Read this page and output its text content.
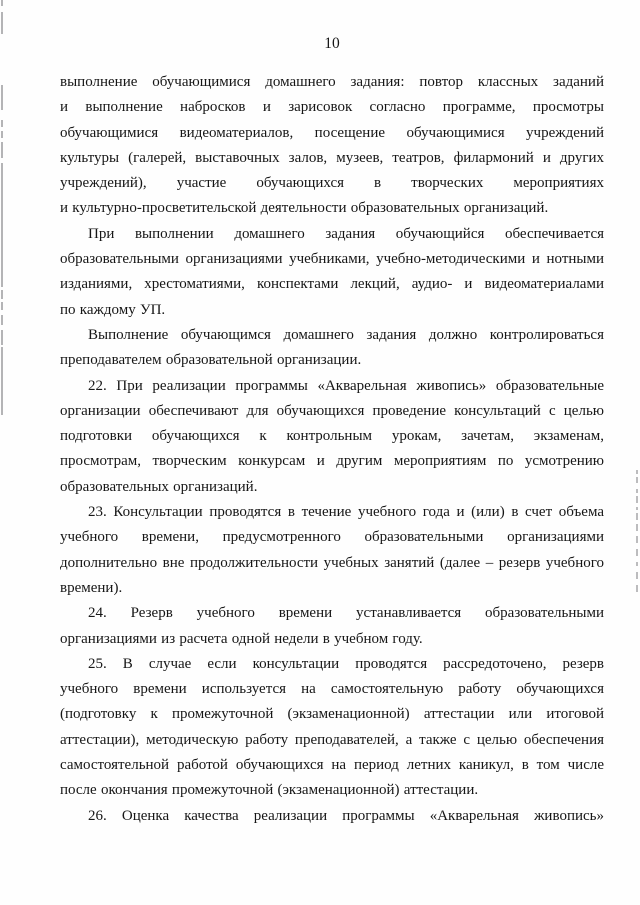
10
выполнение обучающимися домашнего задания: повтор классных заданий
и выполнение набросков и зарисовок согласно программе, просмотры
обучающимися видеоматериалов, посещение обучающимися учреждений
культуры (галерей, выставочных залов, музеев, театров, филармоний и других
учреждений), участие обучающихся в творческих мероприятиях
и культурно-просветительской деятельности образовательных организаций.
При выполнении домашнего задания обучающийся обеспечивается
образовательными организациями учебниками, учебно-методическими и нотными
изданиями, хрестоматиями, конспектами лекций, аудио- и видеоматериалами
по каждому УП.
Выполнение обучающимся домашнего задания должно контролироваться
преподавателем образовательной организации.
22. При реализации программы «Акварельная живопись» образовательные
организации обеспечивают для обучающихся проведение консультаций с целью
подготовки обучающихся к контрольным урокам, зачетам, экзаменам,
просмотрам, творческим конкурсам и другим мероприятиям по усмотрению
образовательных организаций.
23. Консультации проводятся в течение учебного года и (или) в счет объема
учебного времени, предусмотренного образовательными организациями
дополнительно вне продолжительности учебных занятий (далее – резерв учебного
времени).
24. Резерв учебного времени устанавливается образовательными
организациями из расчета одной недели в учебном году.
25. В случае если консультации проводятся рассредоточено, резерв
учебного времени используется на самостоятельную работу обучающихся
(подготовку к промежуточной (экзаменационной) аттестации или итоговой
аттестации), методическую работу преподавателей, а также с целью обеспечения
самостоятельной работой обучающихся на период летних каникул, в том числе
после окончания промежуточной (экзаменационной) аттестации.
26. Оценка качества реализации программы «Акварельная живопись»
